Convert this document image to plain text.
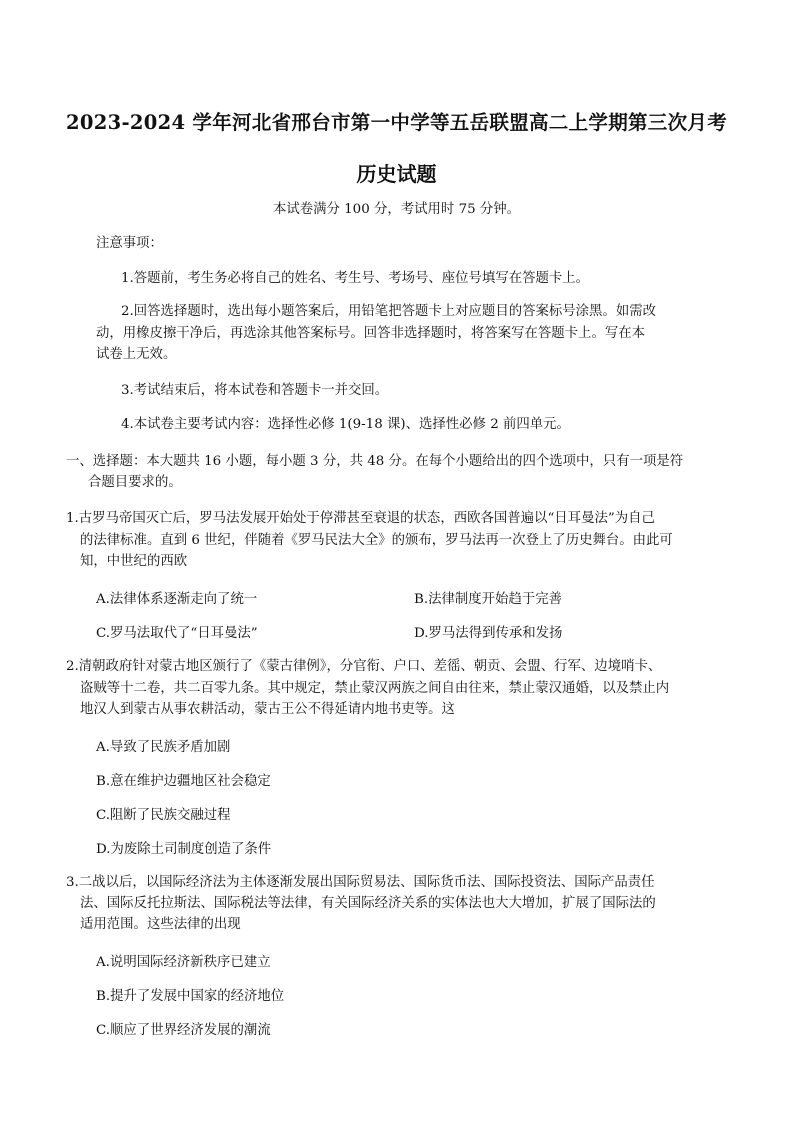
2023-2024 学年河北省邢台市第一中学等五岳联盟高二上学期第三次月考
历史试题
本试卷满分 100 分，考试用时 75 分钟。
注意事项：
1.答题前，考生务必将自己的姓名、考生号、考场号、座位号填写在答题卡上。
2.回答选择题时，选出每小题答案后，用铅笔把答题卡上对应题目的答案标号涂黑。如需改
动，用橡皮擦干净后，再选涂其他答案标号。回答非选择题时，将答案写在答题卡上。写在本
试卷上无效。
3.考试结束后，将本试卷和答题卡一并交回。
4.本试卷主要考试内容：选择性必修 1(9-18 课)、选择性必修 2 前四单元。
一、选择题：本大题共 16 小题，每小题 3 分，共 48 分。在每个小题给出的四个选项中，只有一项是符
合题目要求的。
1.古罗马帝国灭亡后，罗马法发展开始处于停滞甚至衰退的状态，西欧各国普遍以“日耳曼法”为自己
的法律标准。直到 6 世纪，伴随着《罗马民法大全》的颁布，罗马法再一次登上了历史舞台。由此可
知，中世纪的西欧
A.法律体系逐渐走向了统一	B.法律制度开始趋于完善
C.罗马法取代了“日耳曼法”	D.罗马法得到传承和发扬
2.清朝政府针对蒙古地区颁行了《蒙古律例》，分官衔、户口、差徭、朝贡、会盟、行军、边境哨卡、
盗贼等十二卷，共二百零九条。其中规定，禁止蒙汉两族之间自由往来，禁止蒙汉通婚，以及禁止内
地汉人到蒙古从事农耕活动，蒙古王公不得延请内地书吏等。这
A.导致了民族矛盾加剧
B.意在维护边疆地区社会稳定
C.阻断了民族交融过程
D.为废除土司制度创造了条件
3.二战以后，以国际经济法为主体逐渐发展出国际贸易法、国际货币法、国际投资法、国际产品责任
法、国际反托拉斯法、国际税法等法律，有关国际经济关系的实体法也大大增加，扩展了国际法的
适用范围。这些法律的出现
A.说明国际经济新秩序已建立
B.提升了发展中国家的经济地位
C.顺应了世界经济发展的潮流
